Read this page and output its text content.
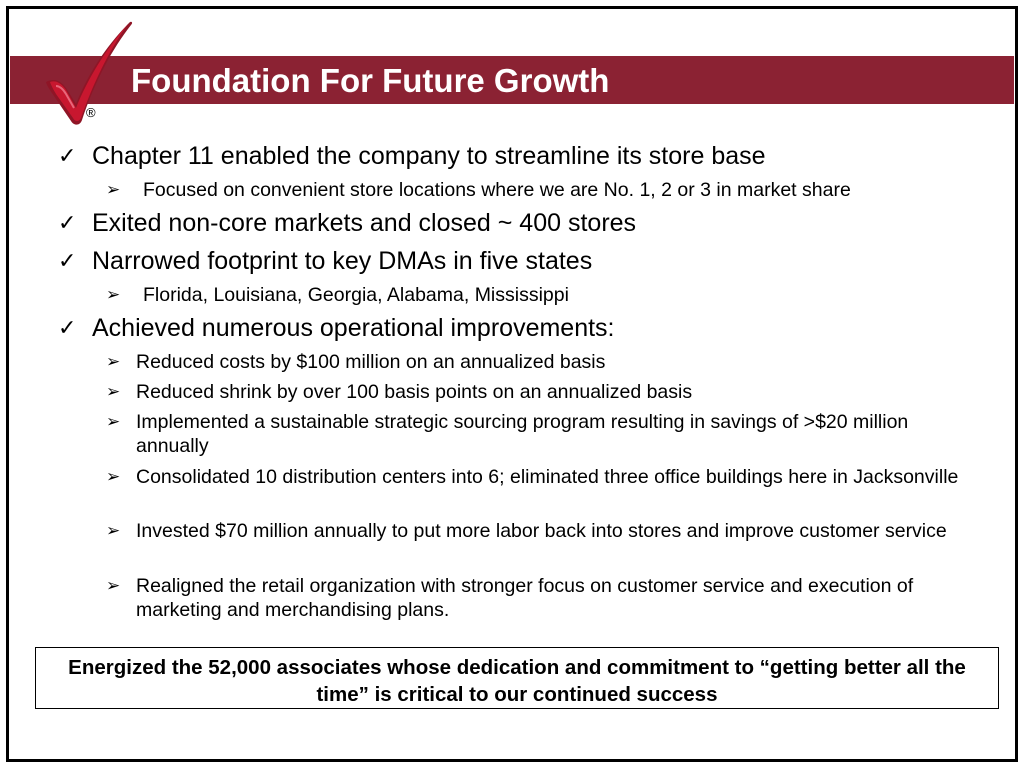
®
Foundation For Future Growth
✓ Chapter 11 enabled the company to streamline its store base
➢ Focused on convenient store locations where we are No. 1, 2 or 3 in market share
✓ Exited non-core markets and closed ~ 400 stores
✓ Narrowed footprint to key DMAs in five states
➢ Florida, Louisiana, Georgia, Alabama, Mississippi
✓ Achieved numerous operational improvements:
➢ Reduced costs by $100 million on an annualized basis
➢ Reduced shrink by over 100 basis points on an annualized basis
➢ Implemented a sustainable strategic sourcing program resulting in savings of >$20 million annually
➢ Consolidated 10 distribution centers into 6; eliminated three office buildings here in Jacksonville
➢ Invested $70 million annually to put more labor back into stores and improve customer service
➢ Realigned the retail organization with stronger focus on customer service and execution of marketing and merchandising plans.
Energized the 52,000 associates whose dedication and commitment to “getting better all the time” is critical to our continued success
